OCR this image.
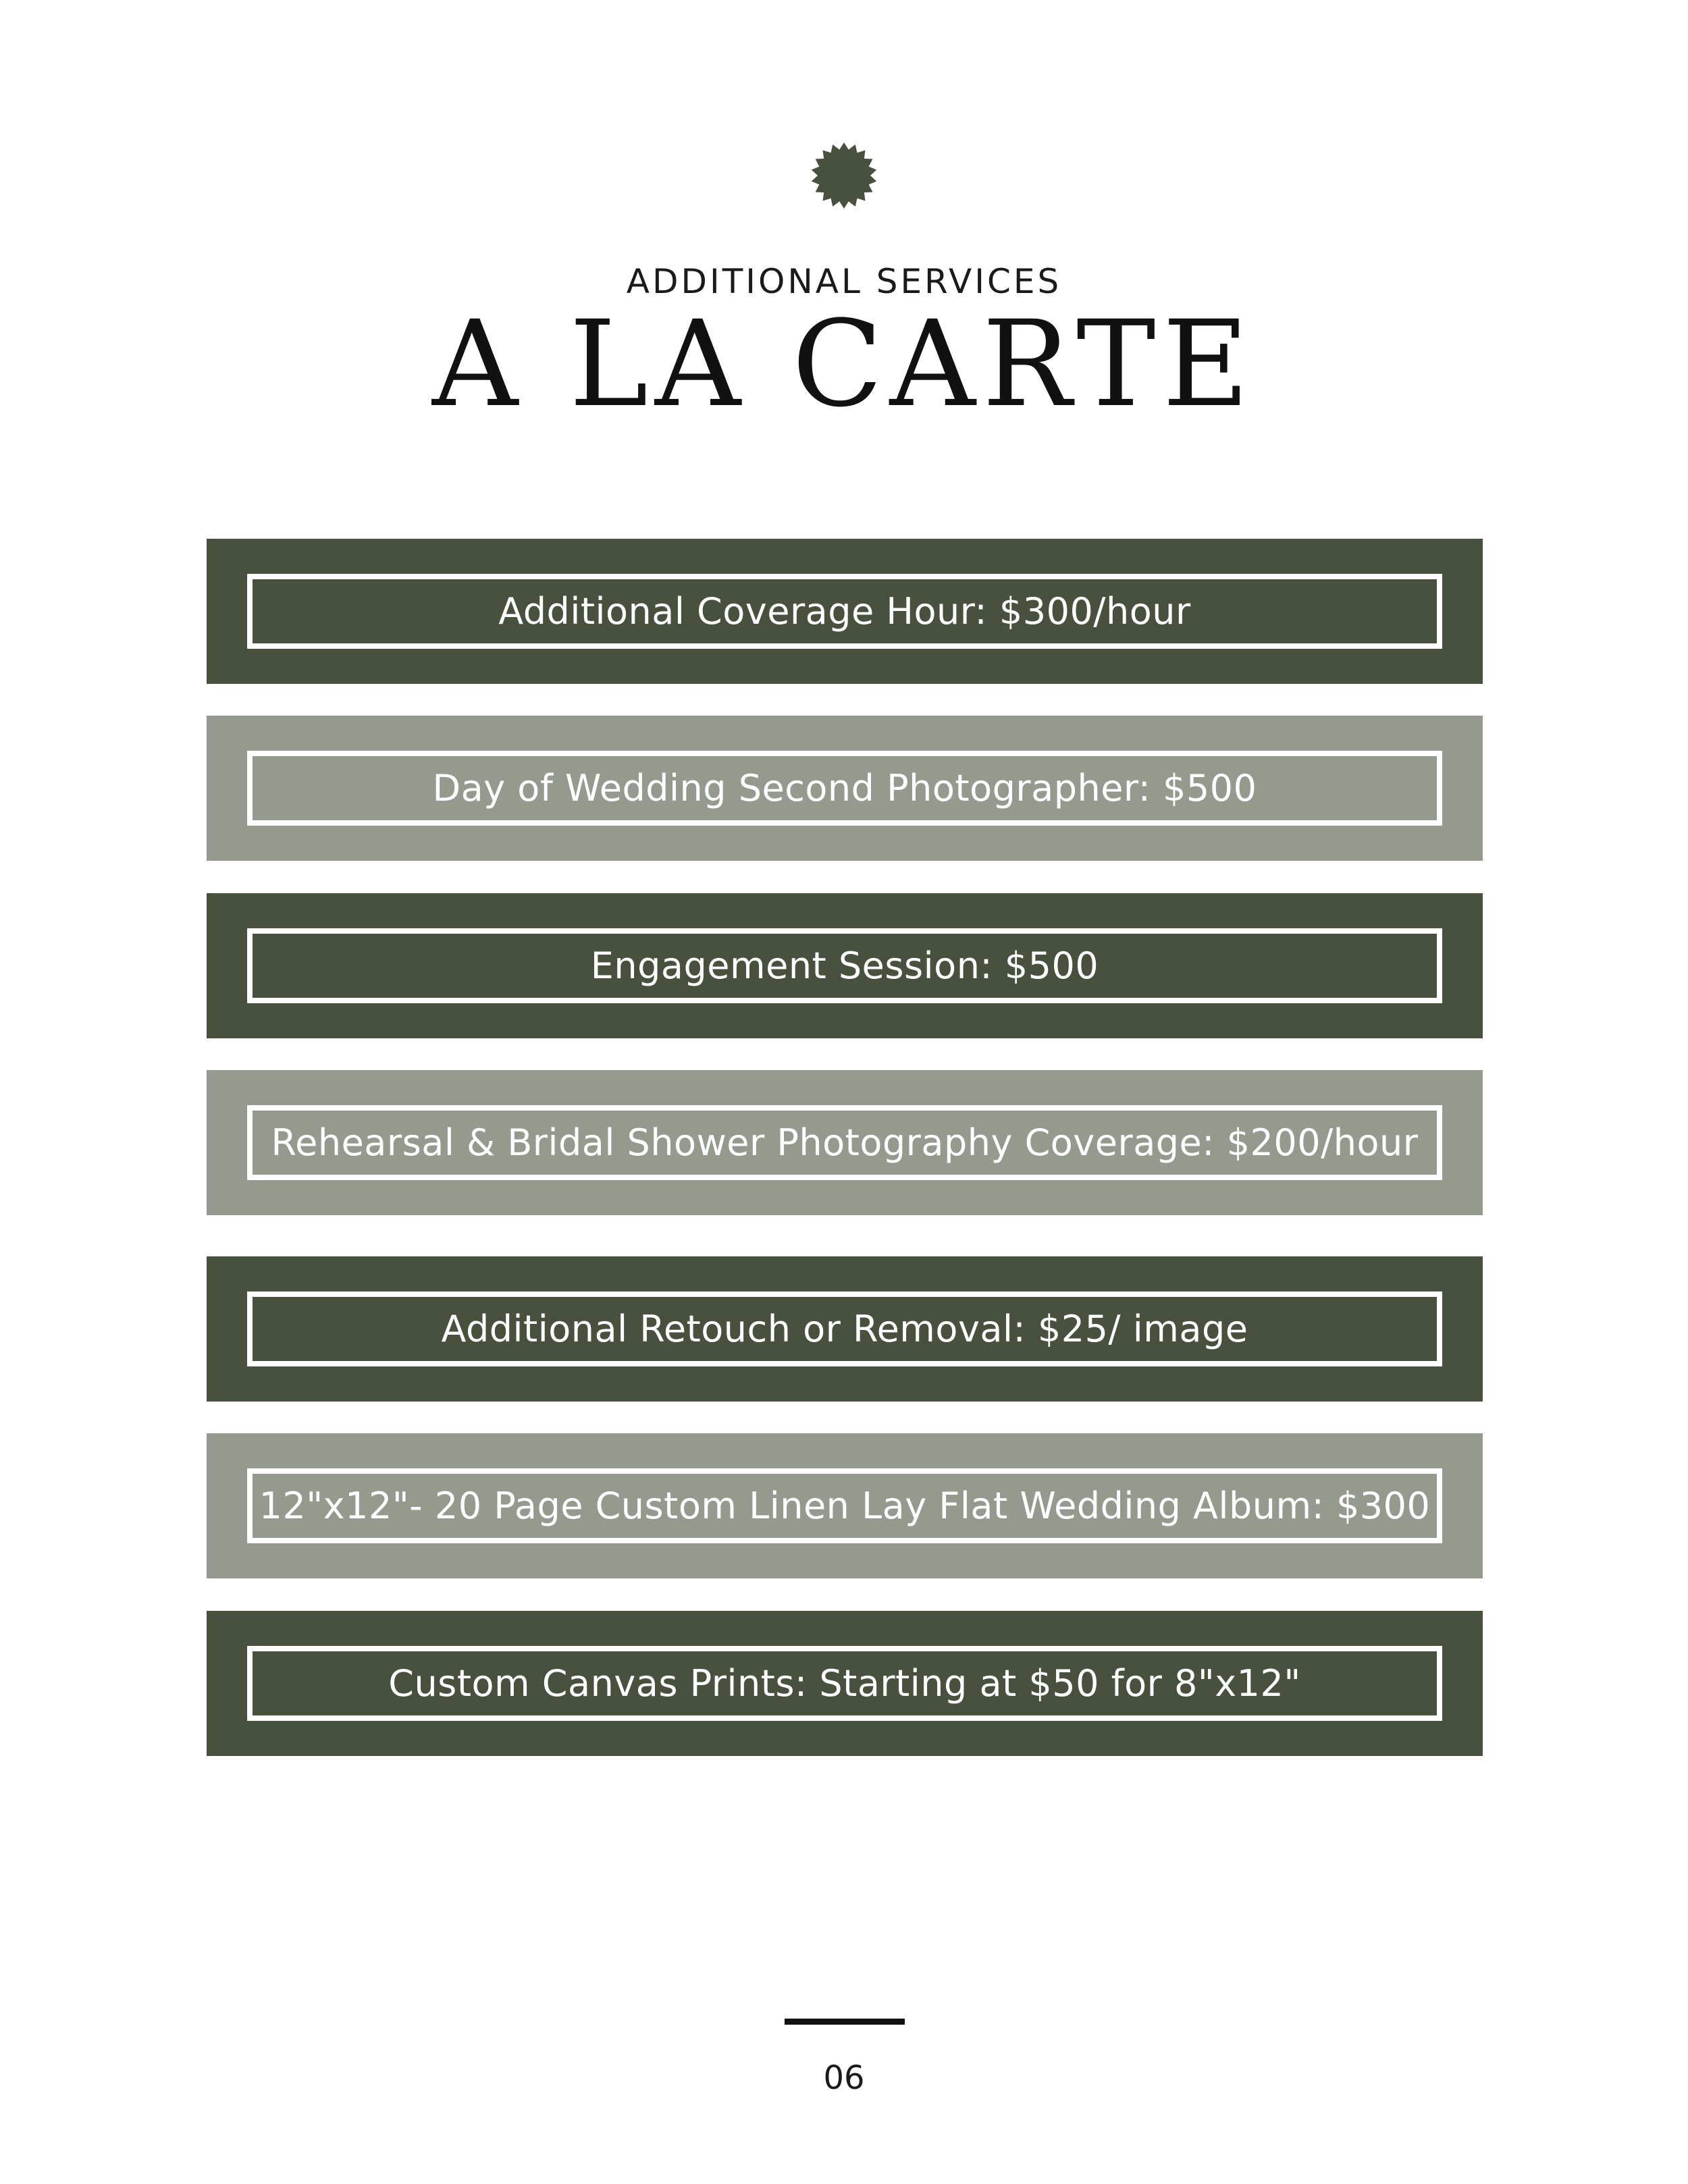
ADDITIONAL SERVICES
A LA CARTE
Additional Coverage Hour: $300/hour
Day of Wedding Second Photographer: $500
Engagement Session: $500
Rehearsal & Bridal Shower Photography Coverage: $200/hour
Additional Retouch or Removal: $25/ image
12"x12"- 20 Page Custom Linen Lay Flat Wedding Album: $300
Custom Canvas Prints: Starting at $50 for 8"x12"
06
